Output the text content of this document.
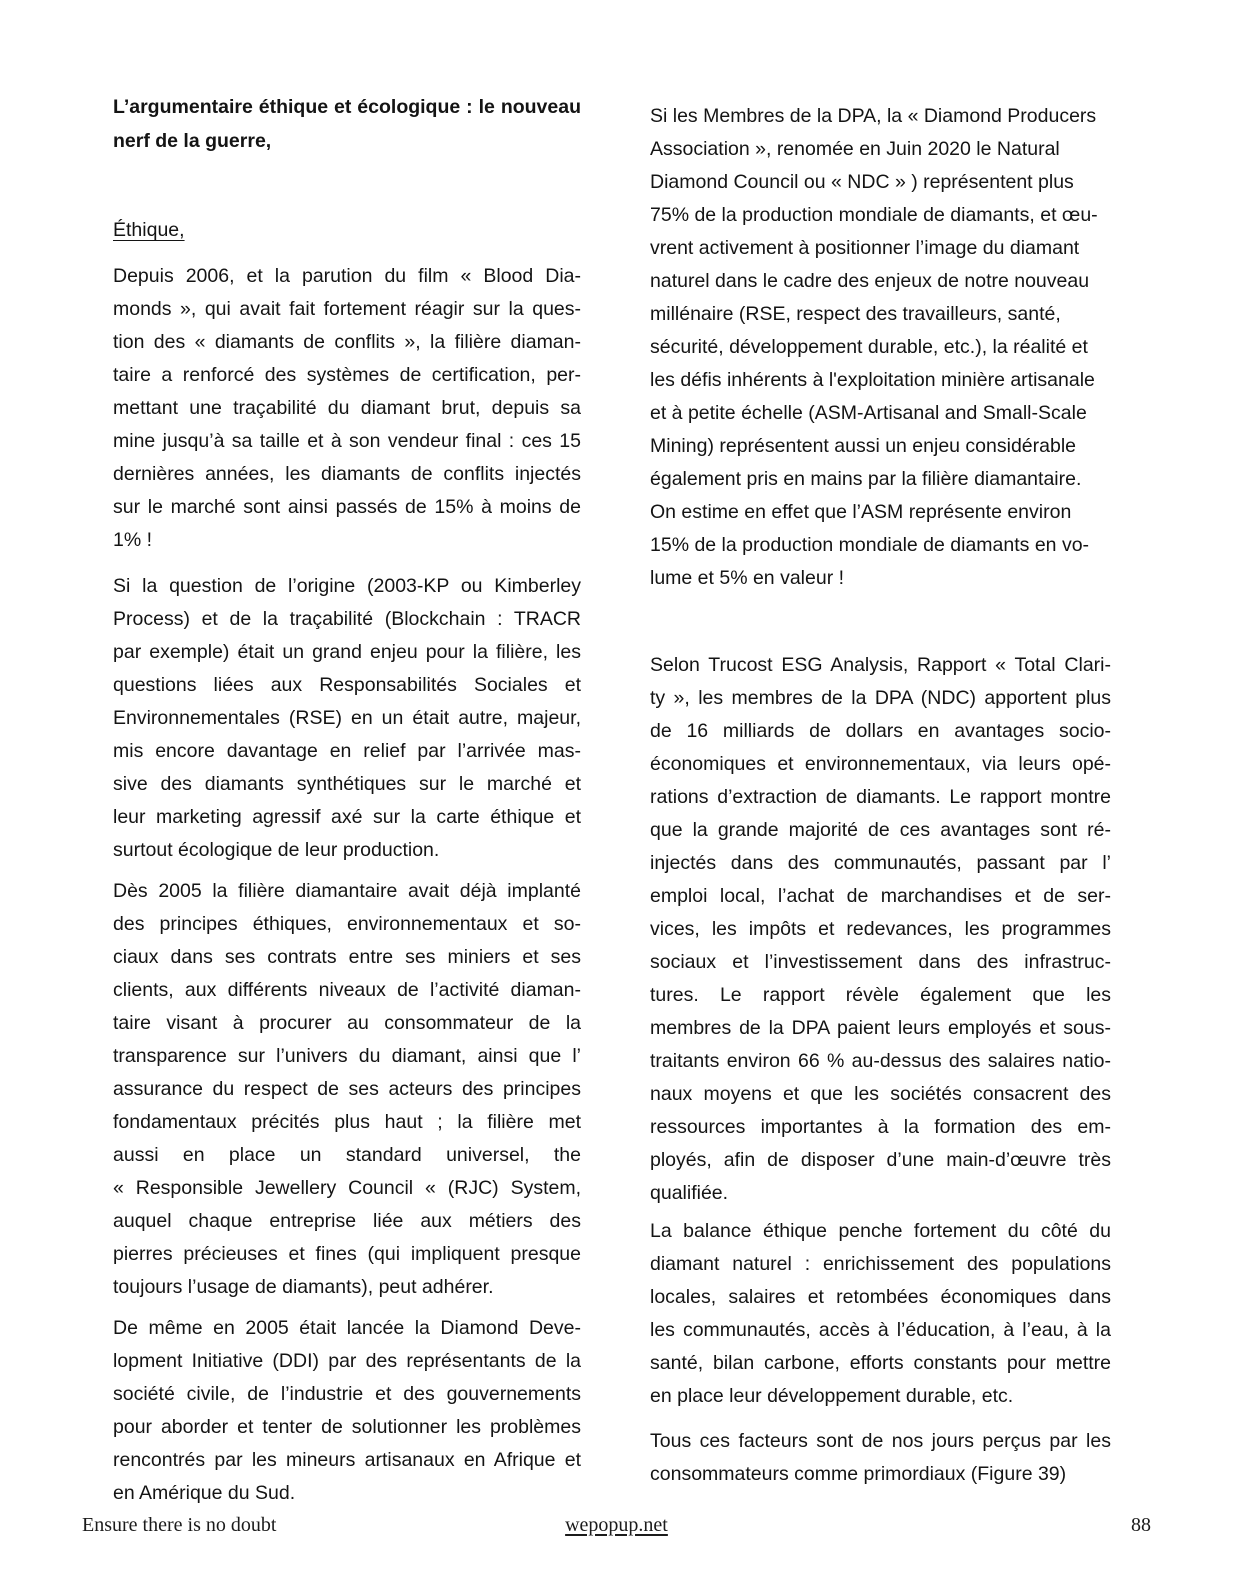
L’argumentaire éthique et écologique : le nouveau
nerf de la guerre,
Éthique,

Depuis 2006, et la parution du film « Blood Dia-
monds », qui avait fait fortement réagir sur la ques-
tion des « diamants de conflits », la filière diaman-
taire a renforcé des systèmes de certification, per-
mettant une traçabilité du diamant brut, depuis sa
mine jusqu’à sa taille et à son vendeur final : ces 15
dernières années, les diamants de conflits injectés
sur le marché sont ainsi passés de 15% à moins de
1% !

Si la question de l’origine (2003-KP ou Kimberley
Process) et de la traçabilité (Blockchain : TRACR
par exemple) était un grand enjeu pour la filière, les
questions liées aux Responsabilités Sociales et
Environnementales (RSE) en un était autre, majeur,
mis encore davantage en relief par l’arrivée mas-
sive des diamants synthétiques sur le marché et
leur marketing agressif axé sur la carte éthique et
surtout écologique de leur production.

Dès 2005 la filière diamantaire avait déjà implanté
des principes éthiques, environnementaux et so-
ciaux dans ses contrats entre ses miniers et ses
clients, aux différents niveaux de l’activité diaman-
taire visant à procurer au consommateur de la
transparence sur l’univers du diamant, ainsi que l’
assurance du respect de ses acteurs des principes
fondamentaux précités plus haut ; la filière met
aussi en place un standard universel, the
« Responsible Jewellery Council « (RJC) System,
auquel chaque entreprise liée aux métiers des
pierres précieuses et fines (qui impliquent presque
toujours l’usage de diamants), peut adhérer.

De même en 2005 était lancée la Diamond Deve-
lopment Initiative (DDI) par des représentants de la
société civile, de l’industrie et des gouvernements
pour aborder et tenter de solutionner les problèmes
rencontrés par les mineurs artisanaux en Afrique et
en Amérique du Sud.

Si les Membres de la DPA, la « Diamond Producers
Association », renomée en Juin 2020 le Natural
Diamond Council ou « NDC » ) représentent plus
75% de la production mondiale de diamants, et œu-
vrent activement à positionner l’image du diamant
naturel dans le cadre des enjeux de notre nouveau
millénaire (RSE, respect des travailleurs, santé,
sécurité, développement durable, etc.), la réalité et
les défis inhérents à l'exploitation minière artisanale
et à petite échelle (ASM-Artisanal and Small-Scale
Mining) représentent aussi un enjeu considérable
également pris en mains par la filière diamantaire.
On estime en effet que l’ASM représente environ
15% de la production mondiale de diamants en vo-
lume et 5% en valeur !

Selon Trucost ESG Analysis, Rapport « Total Clari-
ty », les membres de la DPA (NDC) apportent plus
de 16 milliards de dollars en avantages socio-
économiques et environnementaux, via leurs opé-
rations d’extraction de diamants. Le rapport montre
que la grande majorité de ces avantages sont ré-
injectés dans des communautés, passant par l’
emploi local, l’achat de marchandises et de ser-
vices, les impôts et redevances, les programmes
sociaux et l’investissement dans des infrastruc-
tures. Le rapport révèle également que les
membres de la DPA paient leurs employés et sous-
traitants environ 66 % au-dessus des salaires natio-
naux moyens et que les sociétés consacrent des
ressources importantes à la formation des em-
ployés, afin de disposer d’une main-d’œuvre très
qualifiée.

La balance éthique penche fortement du côté du
diamant naturel : enrichissement des populations
locales, salaires et retombées économiques dans
les communautés, accès à l’éducation, à l’eau, à la
santé, bilan carbone, efforts constants pour mettre
en place leur développement durable, etc.

Tous ces facteurs sont de nos jours perçus par les
consommateurs comme primordiaux (Figure 39)

Ensure there is no doubt	wepopup.net	88
